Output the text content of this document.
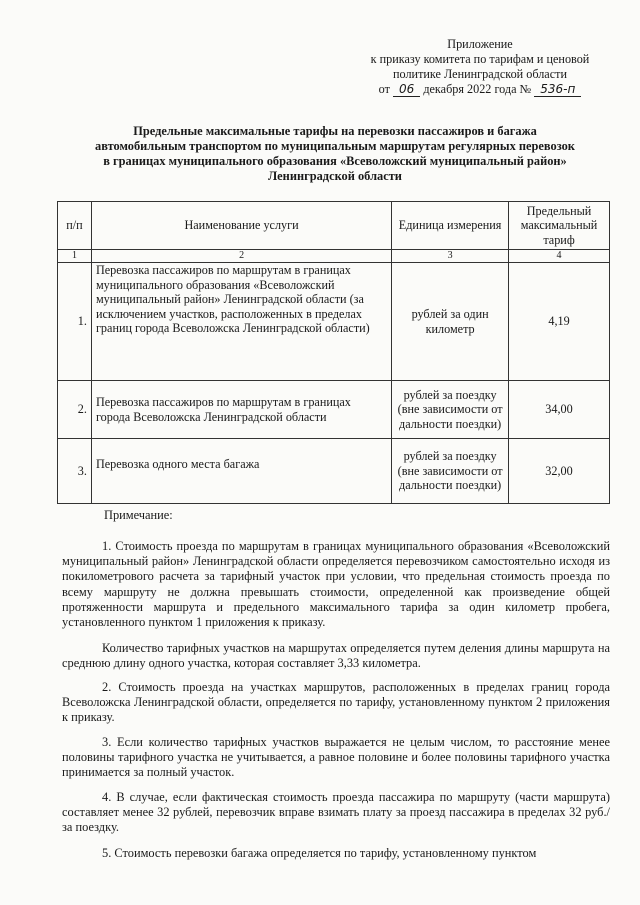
Приложение
к приказу комитета по тарифам и ценовой
политике Ленинградской области
от 06 декабря 2022 года № 536-п
Предельные максимальные тарифы на перевозки пассажиров и багажа
автомобильным транспортом по муниципальным маршрутам регулярных перевозок
в границах муниципального образования «Всеволожский муниципальный район»
Ленинградской области
п/п	Наименование услуги	Единица измерения	Предельный максимальный тариф
1	2	3	4
1.	Перевозка пассажиров по маршрутам в границах муниципального образования «Всеволожский муниципальный район» Ленинградской области (за исключением участков, расположенных в пределах границ города Всеволожска Ленинградской области)	рублей за один километр	4,19
2.	Перевозка пассажиров по маршрутам в границах города Всеволожска Ленинградской области	рублей за поездку (вне зависимости от дальности поездки)	34,00
3.	Перевозка одного места багажа	рублей за поездку (вне зависимости от дальности поездки)	32,00
Примечание:

1. Стоимость проезда по маршрутам в границах муниципального образования «Всеволожский муниципальный район» Ленинградской области определяется перевозчиком самостоятельно исходя из покилометрового расчета за тарифный участок при условии, что предельная стоимость проезда по всему маршруту не должна превышать стоимости, определенной как произведение общей протяженности маршрута и предельного максимального тарифа за один километр пробега, установленного пунктом 1 приложения к приказу.

Количество тарифных участков на маршрутах определяется путем деления длины маршрута на среднюю длину одного участка, которая составляет 3,33 километра.

2. Стоимость проезда на участках маршрутов, расположенных в пределах границ города Всеволожска Ленинградской области, определяется по тарифу, установленному пунктом 2 приложения к приказу.

3. Если количество тарифных участков выражается не целым числом, то расстояние менее половины тарифного участка не учитывается, а равное половине и более половины тарифного участка принимается за полный участок.

4. В случае, если фактическая стоимость проезда пассажира по маршруту (части маршрута) составляет менее 32 рублей, перевозчик вправе взимать плату за проезд пассажира в пределах 32 руб./за поездку.

5. Стоимость перевозки багажа определяется по тарифу, установленному пунктом
